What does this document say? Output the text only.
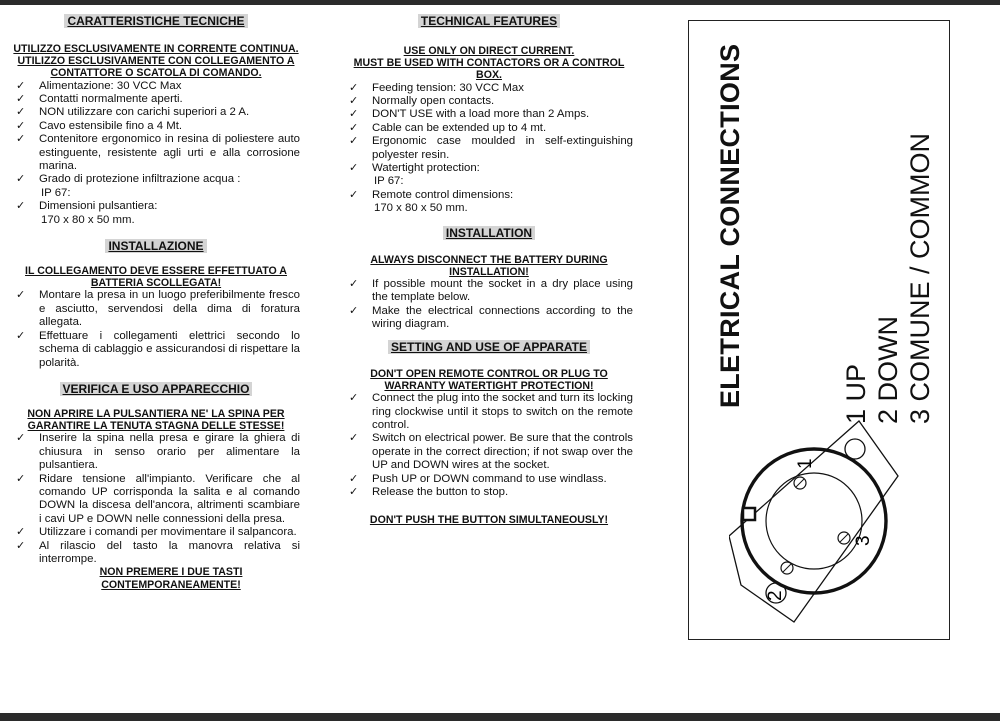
CARATTERISTICHE TECNICHE
UTILIZZO ESCLUSIVAMENTE IN CORRENTE CONTINUA.
UTILIZZO ESCLUSIVAMENTE CON COLLEGAMENTO A CONTATTORE O SCATOLA DI COMANDO.
✓ Alimentazione: 30 VCC Max
✓ Contatti normalmente aperti.
✓ NON utilizzare con carichi superiori a 2 A.
✓ Cavo estensibile fino a 4 Mt.
✓ Contenitore ergonomico in resina di poliestere auto estinguente, resistente agli urti e alla corrosione marina.
✓ Grado di protezione infiltrazione acqua :
IP 67:
✓ Dimensioni pulsantiera:
170 x 80 x 50 mm.
INSTALLAZIONE
IL COLLEGAMENTO DEVE ESSERE EFFETTUATO A BATTERIA SCOLLEGATA!
✓ Montare la presa in un luogo preferibilmente fresco e asciutto, servendosi della dima di foratura allegata.
✓ Effettuare i collegamenti elettrici secondo lo schema di cablaggio e assicurandosi di rispettare la polarità.
VERIFICA E USO APPARECCHIO
NON APRIRE LA PULSANTIERA NE' LA SPINA PER GARANTIRE LA TENUTA STAGNA DELLE STESSE!
✓ Inserire la spina nella presa e girare la ghiera di chiusura in senso orario per alimentare la pulsantiera.
✓ Ridare tensione all'impianto. Verificare che al comando UP corrisponda la salita e al comando DOWN la discesa dell'ancora, altrimenti scambiare i cavi UP e DOWN nelle connessioni della presa.
✓ Utilizzare i comandi per movimentare il salpancora.
✓ Al rilascio del tasto la manovra relativa si interrompe.
NON PREMERE I DUE TASTI CONTEMPORANEAMENTE!
TECHNICAL FEATURES
USE ONLY ON DIRECT CURRENT.
MUST BE USED WITH CONTACTORS OR A CONTROL BOX.
✓ Feeding tension: 30 VCC Max
✓ Normally open contacts.
✓ DON'T USE with a load more than 2 Amps.
✓ Cable can be extended up to 4 mt.
✓ Ergonomic case moulded in self-extinguishing polyester resin.
✓ Watertight protection:
IP 67:
✓ Remote control dimensions:
170 x 80 x 50 mm.
INSTALLATION
ALWAYS DISCONNECT THE BATTERY DURING INSTALLATION!
✓ If possible mount the socket in a dry place using the template below.
✓ Make the electrical connections according to the wiring diagram.
SETTING AND USE OF APPARATE
DON'T OPEN REMOTE CONTROL OR PLUG TO WARRANTY WATERTIGHT PROTECTION!
✓ Connect the plug into the socket and turn its locking ring clockwise until it stops to switch on the remote control.
✓ Switch on electrical power. Be sure that the controls operate in the correct direction; if not swap over the UP and DOWN wires at the socket.
✓ Push UP or DOWN command to use windlass.
✓ Release the button to stop.
DON'T PUSH THE BUTTON SIMULTANEOUSLY!
ELETRICAL CONNECTIONS	1 UP 2 DOWN 3 COMUNE / COMMON
1
2
3
